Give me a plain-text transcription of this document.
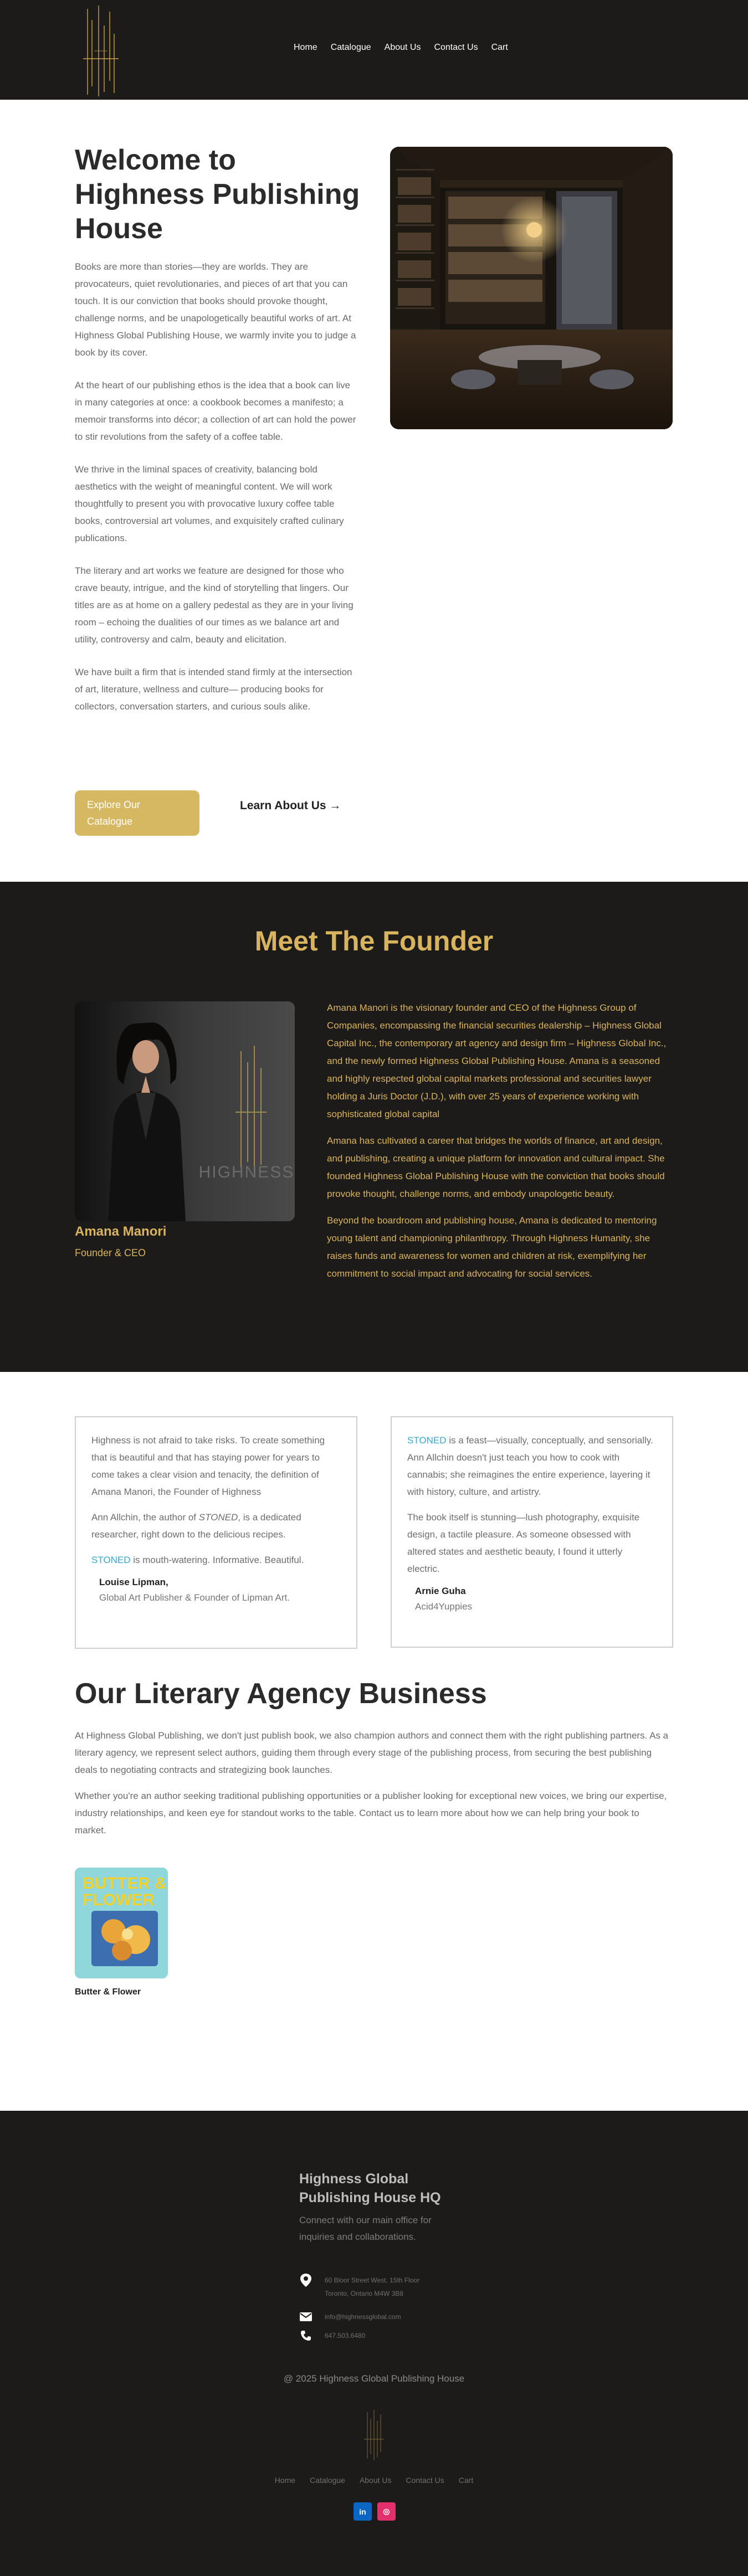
Home Catalogue About Us Contact Us Cart
Welcome to Highness Publishing House

Books are more than stories—they are worlds. They are provocateurs, quiet revolutionaries, and pieces of art that you can touch. It is our conviction that books should provoke thought, challenge norms, and be unapologetically beautiful works of art. At Highness Global Publishing House, we warmly invite you to judge a book by its cover.

At the heart of our publishing ethos is the idea that a book can live in many categories at once: a cookbook becomes a manifesto; a memoir transforms into décor; a collection of art can hold the power to stir revolutions from the safety of a coffee table.

We thrive in the liminal spaces of creativity, balancing bold aesthetics with the weight of meaningful content. We will work thoughtfully to present you with provocative luxury coffee table books, controversial art volumes, and exquisitely crafted culinary publications.

The literary and art works we feature are designed for those who crave beauty, intrigue, and the kind of storytelling that lingers. Our titles are as at home on a gallery pedestal as they are in your living room – echoing the dualities of our times as we balance art and utility, controversy and calm, beauty and elicitation.

We have built a firm that is intended stand firmly at the intersection of art, literature, wellness and culture— producing books for collectors, conversation starters, and curious souls alike.

Explore Our Catalogue
Learn About Us →
Meet The Founder
HIGHNESS
Amana Manori
Founder & CEO

Amana Manori is the visionary founder and CEO of the Highness Group of Companies, encompassing the financial securities dealership – Highness Global Capital Inc., the contemporary art agency and design firm – Highness Global Inc., and the newly formed Highness Global Publishing House. Amana is a seasoned and highly respected global capital markets professional and securities lawyer holding a Juris Doctor (J.D.), with over 25 years of experience working with sophisticated global capital

Amana has cultivated a career that bridges the worlds of finance, art and design, and publishing, creating a unique platform for innovation and cultural impact. She founded Highness Global Publishing House with the conviction that books should provoke thought, challenge norms, and embody unapologetic beauty.

Beyond the boardroom and publishing house, Amana is dedicated to mentoring young talent and championing philanthropy. Through Highness Humanity, she raises funds and awareness for women and children at risk, exemplifying her commitment to social impact and advocating for social services.

Highness is not afraid to take risks. To create something that is beautiful and that has staying power for years to come takes a clear vision and tenacity, the definition of Amana Manori, the Founder of Highness

Ann Allchin, the author of STONED, is a dedicated researcher, right down to the delicious recipes.

STONED is mouth-watering. Informative. Beautiful.

Louise Lipman,
Global Art Publisher & Founder of Lipman Art.

STONED is a feast—visually, conceptually, and sensorially. Ann Allchin doesn't just teach you how to cook with cannabis; she reimagines the entire experience, layering it with history, culture, and artistry.

The book itself is stunning—lush photography, exquisite design, a tactile pleasure. As someone obsessed with altered states and aesthetic beauty, I found it utterly electric.

Arnie Guha
Acid4Yuppies
Our Literary Agency Business

At Highness Global Publishing, we don't just publish book, we also champion authors and connect them with the right publishing partners. As a literary agency, we represent select authors, guiding them through every stage of the publishing process, from securing the best publishing deals to negotiating contracts and strategizing book launches.

Whether you're an author seeking traditional publishing opportunities or a publisher looking for exceptional new voices, we bring our expertise, industry relationships, and keen eye for standout works to the table. Contact us to learn more about how we can help bring your book to market.

BUTTER &
FLOWER
Butter & Flower
Highness Global Publishing House HQ
Connect with our main office for inquiries and collaborations.
60 Bloor Street West, 15th Floor
Toronto, Ontario M4W 3B8
info@highnessglobal.com
647.503.6480
@ 2025 Highness Global Publishing House
Home Catalogue About Us Contact Us Cart
in	◎
